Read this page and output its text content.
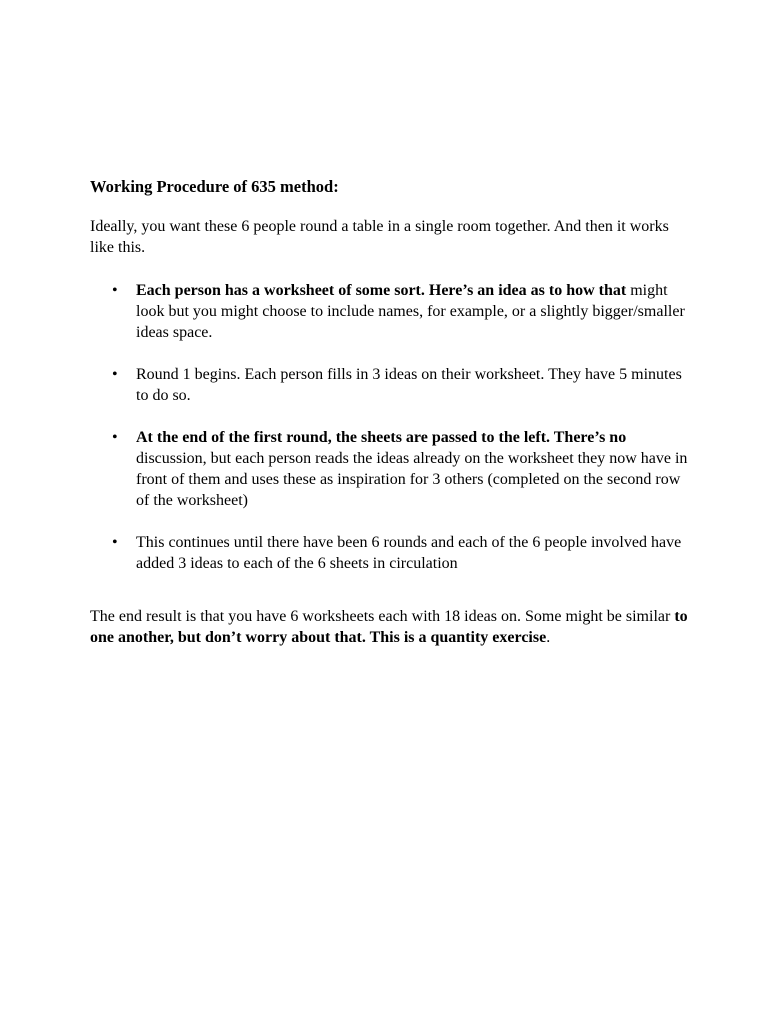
Working Procedure of 635 method:

Ideally, you want these 6 people round a table in a single room together. And then it works like this.

• Each person has a worksheet of some sort. Here’s an idea as to how that might look but you might choose to include names, for example, or a slightly bigger/smaller ideas space.
• Round 1 begins. Each person fills in 3 ideas on their worksheet. They have 5 minutes to do so.
• At the end of the first round, the sheets are passed to the left. There’s no discussion, but each person reads the ideas already on the worksheet they now have in front of them and uses these as inspiration for 3 others (completed on the second row of the worksheet)
• This continues until there have been 6 rounds and each of the 6 people involved have added 3 ideas to each of the 6 sheets in circulation

The end result is that you have 6 worksheets each with 18 ideas on. Some might be similar to one another, but don’t worry about that. This is a quantity exercise.
